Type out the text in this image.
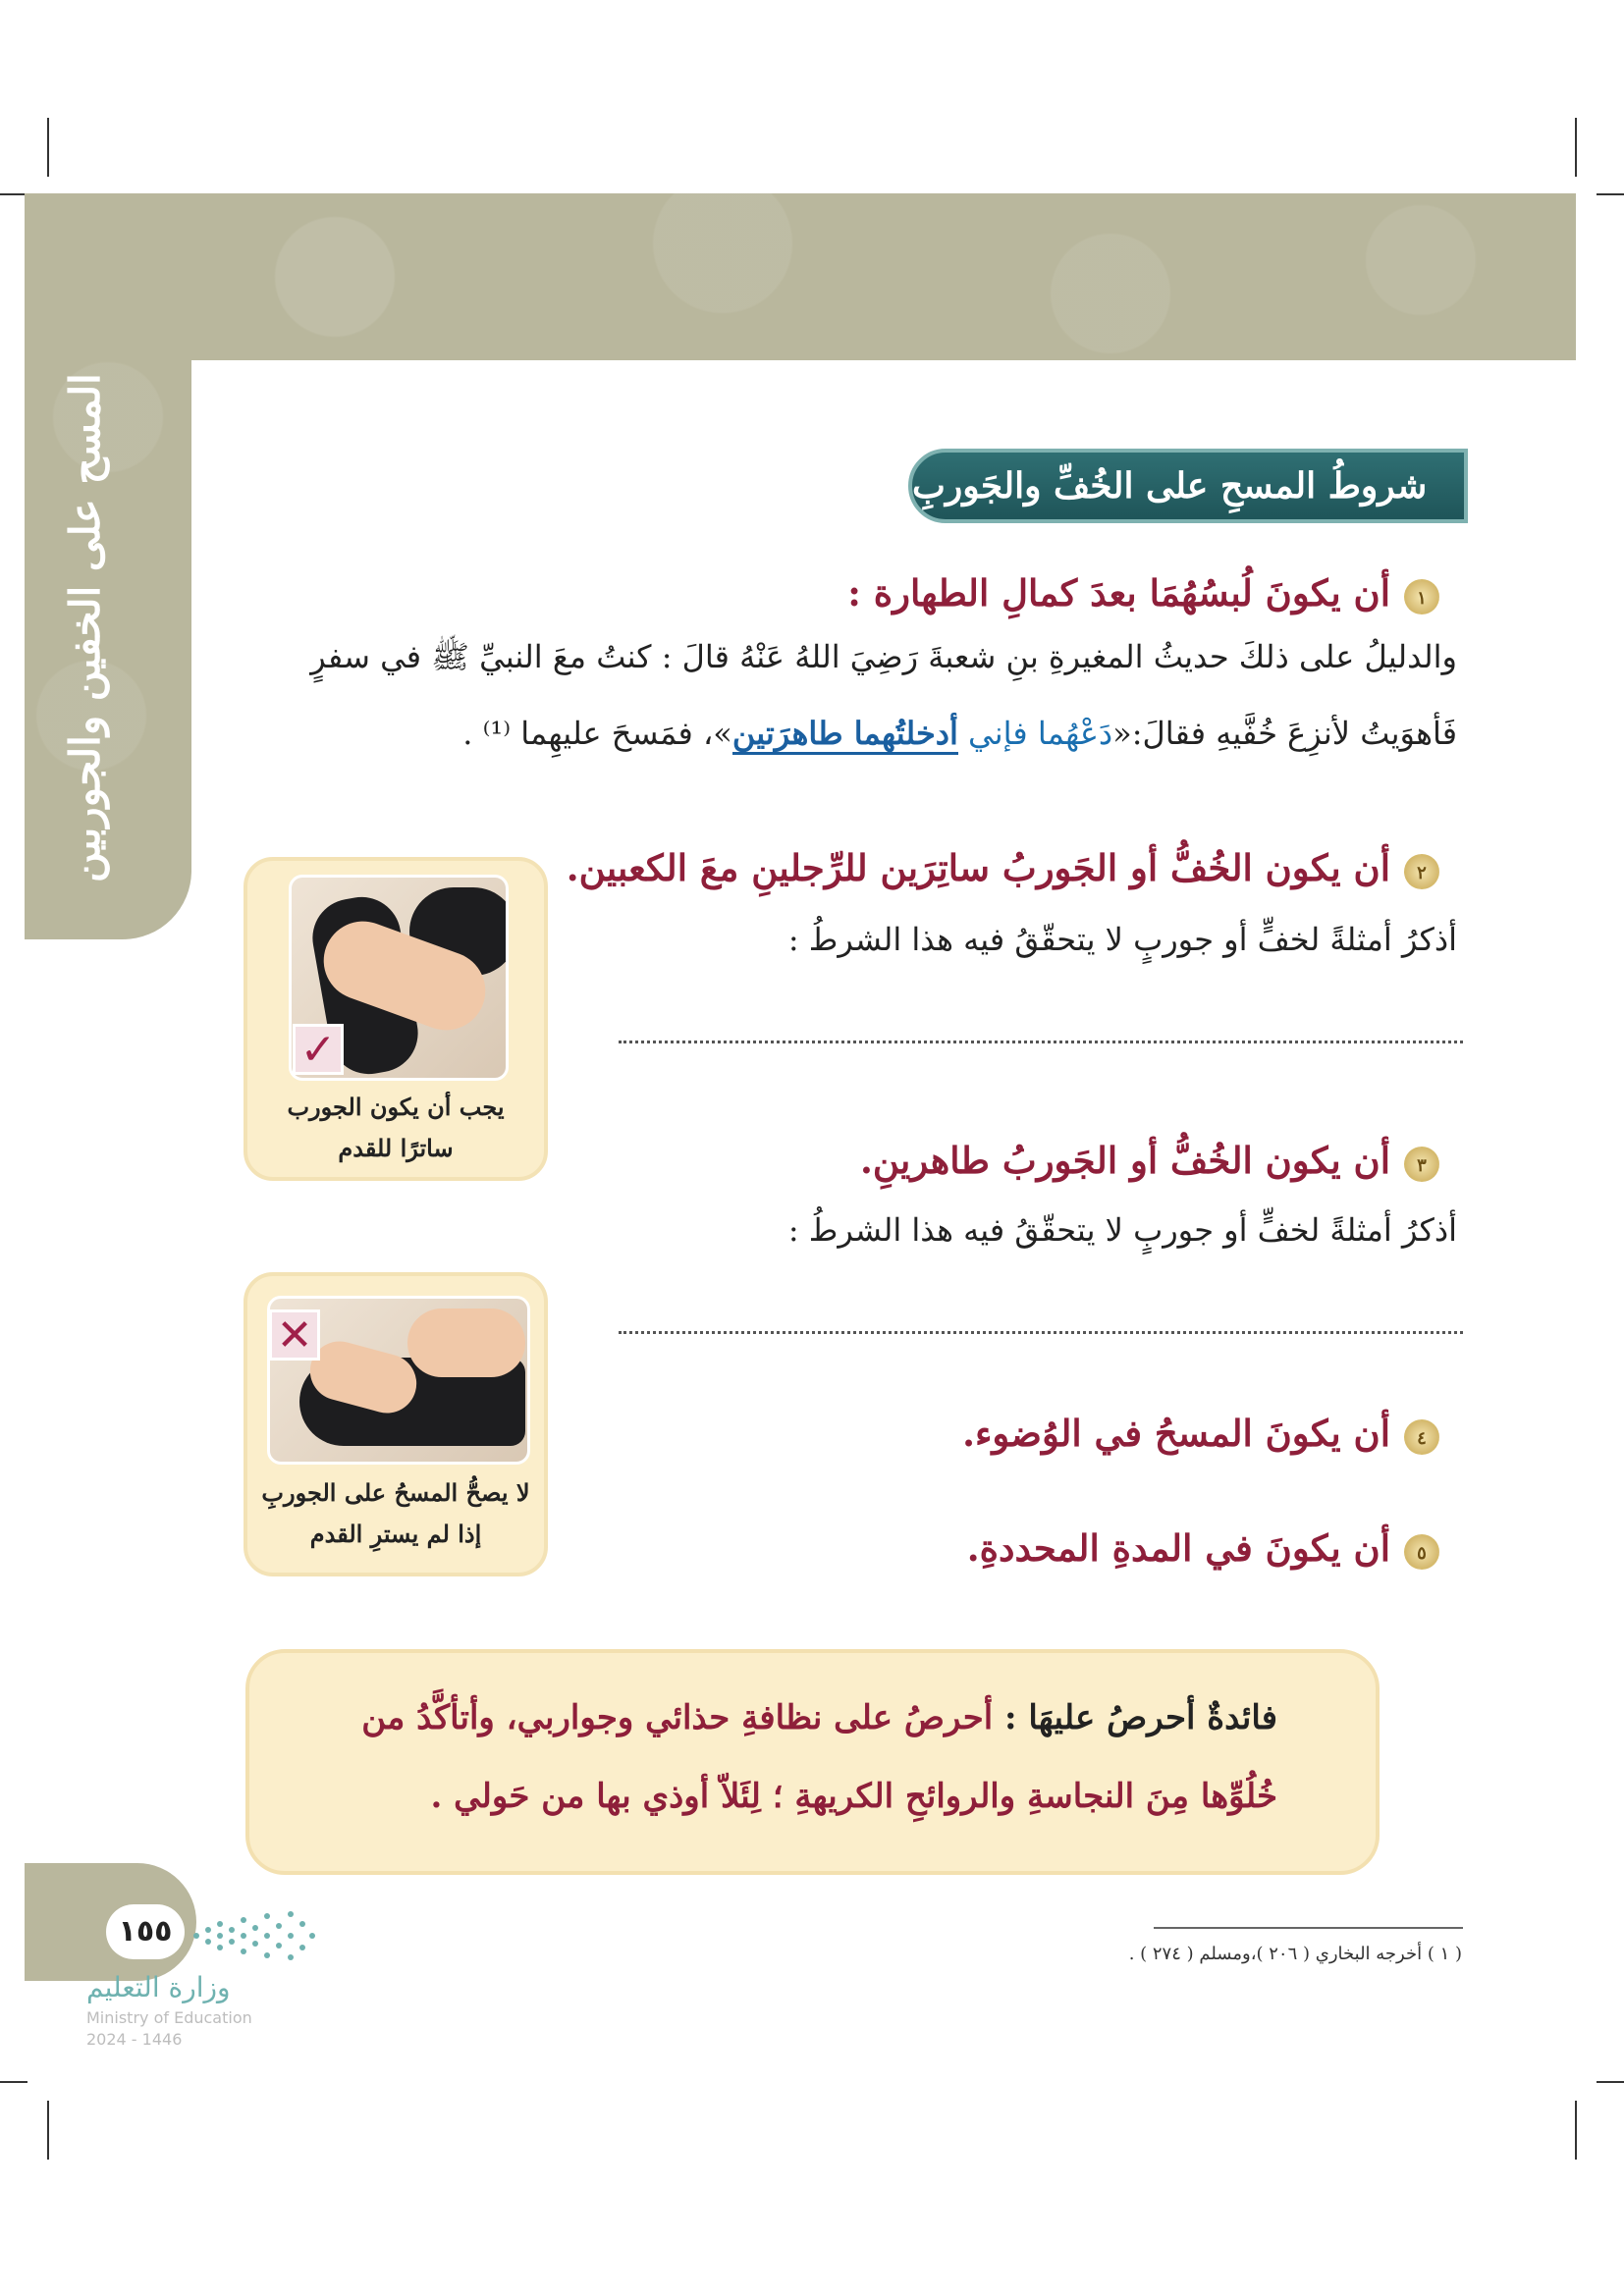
المسح على الخفين والجوربين	شروطُ المسحِ على الخُفِّ والجَوربِ
١أن يكونَ لُبسُهُمَا بعدَ كمالِ الطهارة :
والدليلُ على ذلكَ حديثُ المغيرةِ بنِ شعبةَ رَضِيَ اللهُ عَنْهُ قالَ : كنتُ معَ النبيِّ ﷺ في سفرٍ
فَأهوَيتُ لأنزِعَ خُفَّيهِ فقالَ:«دَعْهُما فإني أدخلتُهما طاهرَتين»، فمَسحَ عليهِما ⁽¹⁾ .
٢أن يكون الخُفُّ أو الجَوربُ ساتِرَين للرِّجلينِ معَ الكعبين.
أذكرُ أمثلةً لخفٍّ أو جوربٍ لا يتحقّقُ فيه هذا الشرطُ :
٣أن يكون الخُفُّ أو الجَوربُ طاهرينِ.
أذكرُ أمثلةً لخفٍّ أو جوربٍ لا يتحقّقُ فيه هذا الشرطُ :
٤أن يكونَ المسحُ في الوُضوء.
٥أن يكونَ في المدةِ المحددةِ.
✓
يجب أن يكون الجورب
ساترًا للقدم
✕
لا يصحُّ المسحُ على الجوربِ
إذا لم يسترِ القدم
فائدةٌ أحرصُ عليهَا : أحرصُ على نظافةِ حذائي وجواربي، وأتأكَّدُ من
خُلُوِّها مِنَ النجاسةِ والروائحِ الكريهةِ ؛ لِئَلاّ أوذي بها من حَولي .
١٥٥
وزارة التعليم
Ministry of Education
2024 - 1446
( ١ ) أخرجه البخاري ( ٢٠٦ )،ومسلم ( ٢٧٤ ) .
